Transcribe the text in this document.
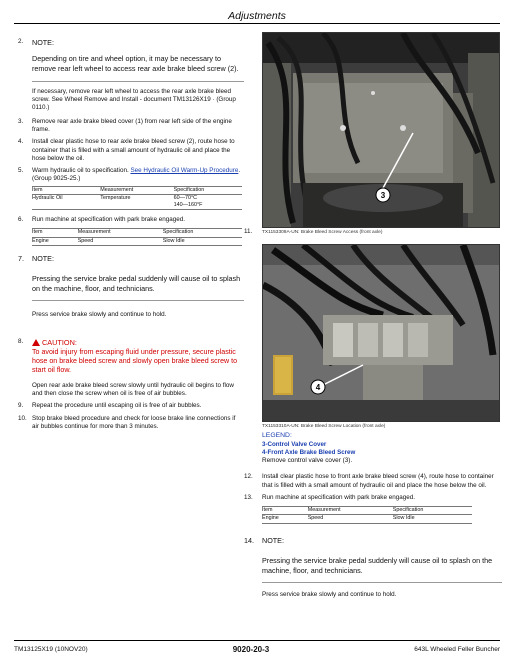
Adjustments
2.	NOTE:
Depending on tire and wheel option, it may be necessary to remove rear left wheel to access rear axle brake bleed screw (2).
If necessary, remove rear left wheel to access the rear axle brake bleed screw. See Wheel Remove and Install - document TM13126X19 · (Group 0110.)
3.	Remove rear axle brake bleed cover (1) from rear left side of the engine frame.
4.	Install clear plastic hose to rear axle brake bleed screw (2), route hose to container that is filled with a small amount of hydraulic oil and place the hose below the oil.
5.	Warm hydraulic oil to specification. See Hydraulic Oil Warm-Up Procedure. (Group 9025-25.)
Item	Measurement	Specification
Hydraulic Oil	Temperature	60—70°C
140—160°F
6.	Run machine at specification with park brake engaged.
Item	Measurement	Specification
Engine	Speed	Slow Idle
7.	NOTE:
Pressing the service brake pedal suddenly will cause oil to splash on the machine, floor, and technicians.
Press service brake slowly and continue to hold.
8.	CAUTION:
To avoid injury from escaping fluid under pressure, secure plastic hose on brake bleed screw and slowly open brake bleed screw to start oil flow.
Open rear axle brake bleed screw slowly until hydraulic oil begins to flow and then close the screw when oil is free of air bubbles.
9.	Repeat the procedure until escaping oil is free of air bubbles.
10. Stop brake bleed procedure and check for loose brake line connections if air bubbles continue for more than 3 minutes.
11.
3
TX1153309A-UN: Brake Bleed Screw Access (front axle)
4
TX1153310A-UN: Brake Bleed Screw Location (front axle)
LEGEND:
3-Control Valve Cover
4-Front Axle Brake Bleed Screw
Remove control valve cover (3).
12.	Install clear plastic hose to front axle brake bleed screw (4), route hose to container that is filled with a small amount of hydraulic oil and place the hose below the oil.
13.	Run machine at specification with park brake engaged.
Item	Measurement	Specification
Engine	Speed	Slow Idle
14.	NOTE:
Pressing the service brake pedal suddenly will cause oil to splash on the machine, floor, and technicians.
Press service brake slowly and continue to hold.
TM13125X19 (10NOV20)	9020-20-3	643L Wheeled Feller Buncher
